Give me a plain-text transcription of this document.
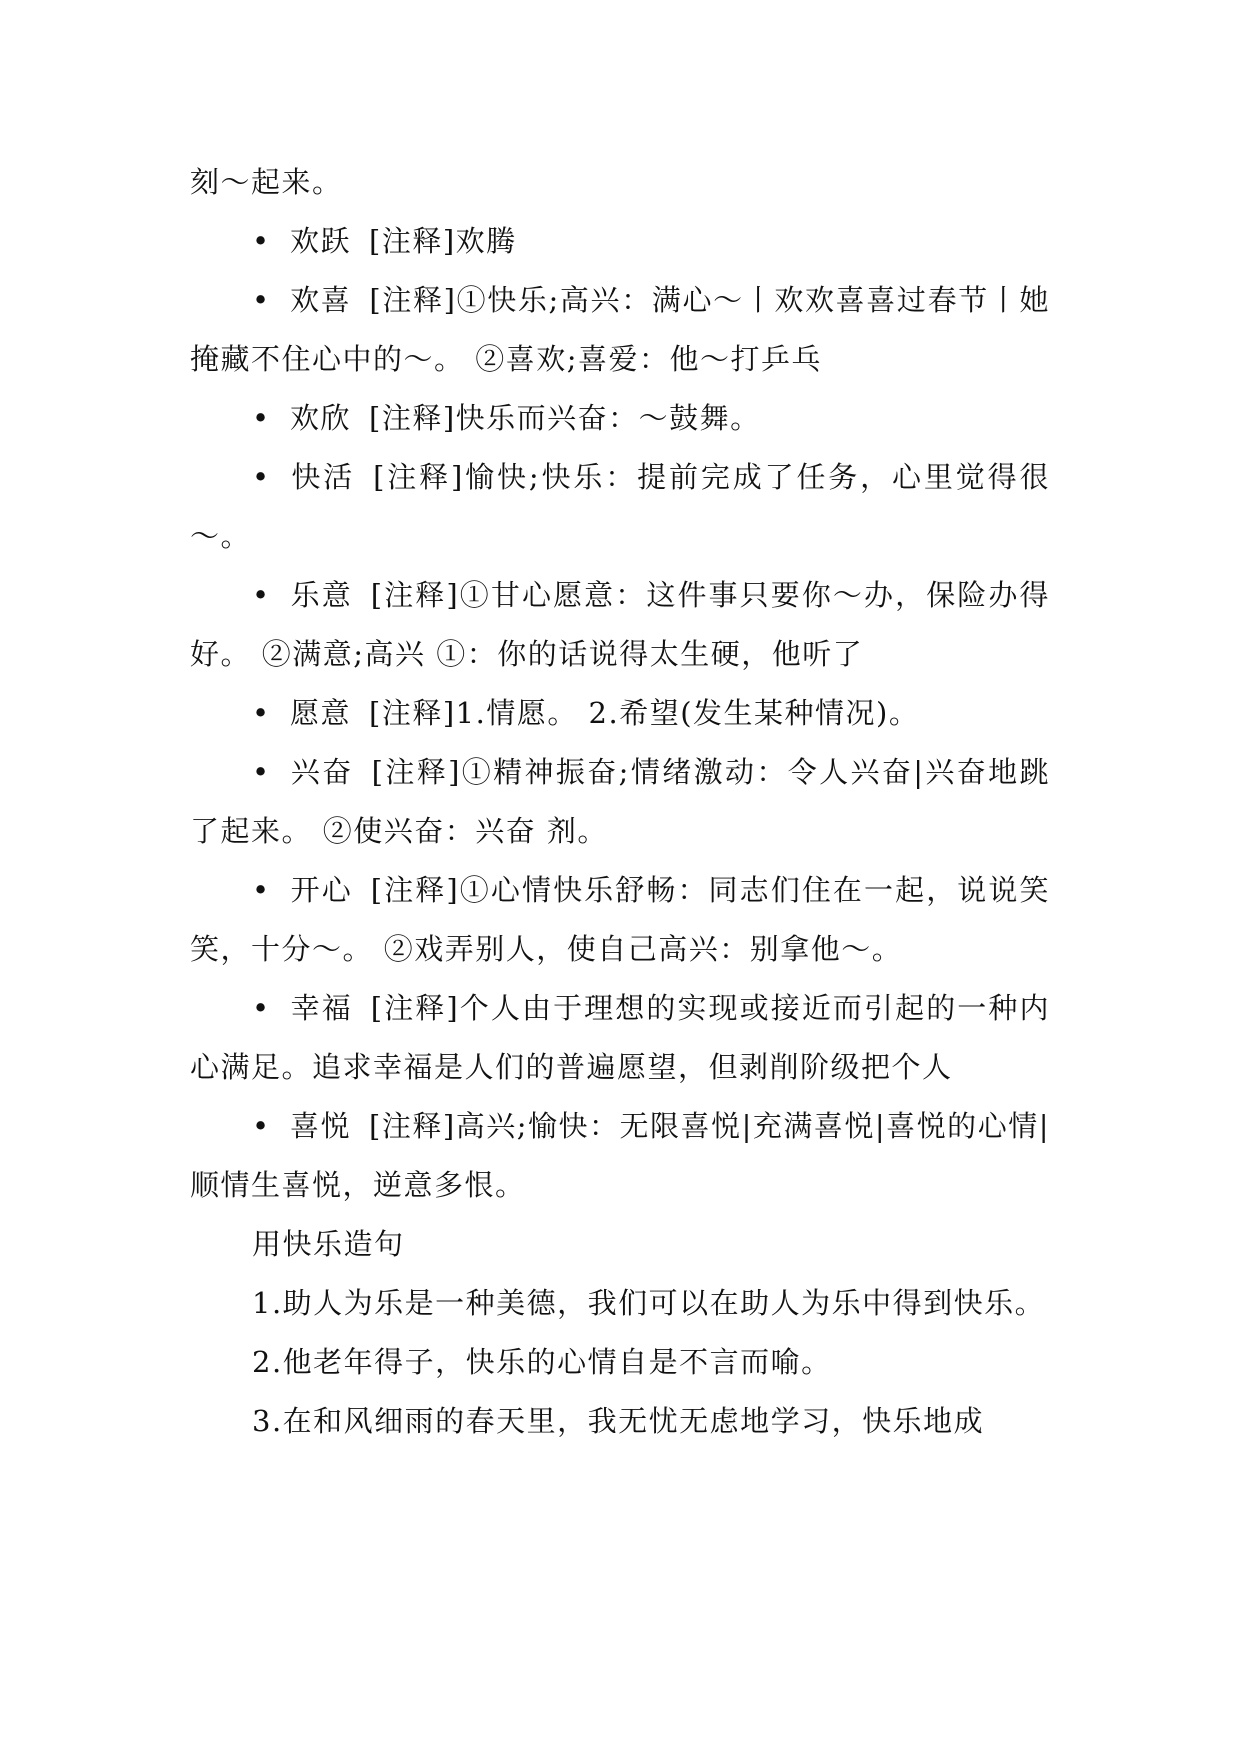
刻～起来。

• 欢跃 [注释]欢腾

• 欢喜 [注释]①快乐;高兴：满心～丨欢欢喜喜过春节丨她掩藏不住心中的～。 ②喜欢;喜爱：他～打乒乓

• 欢欣 [注释]快乐而兴奋：～鼓舞。

• 快活 [注释]愉快;快乐：提前完成了任务，心里觉得很～。

• 乐意 [注释]①甘心愿意：这件事只要你～办，保险办得好。 ②满意;高兴 ①：你的话说得太生硬，他听了

• 愿意 [注释]1.情愿。 2.希望(发生某种情况)。

• 兴奋 [注释]①精神振奋;情绪激动：令人兴奋|兴奋地跳了起来。 ②使兴奋：兴奋 剂。

• 开心 [注释]①心情快乐舒畅：同志们住在一起，说说笑笑，十分～。 ②戏弄别人，使自己高兴：别拿他～。

• 幸福 [注释]个人由于理想的实现或接近而引起的一种内心满足。追求幸福是人们的普遍愿望，但剥削阶级把个人

• 喜悦 [注释]高兴;愉快：无限喜悦|充满喜悦|喜悦的心情|顺情生喜悦，逆意多恨。

用快乐造句

1.助人为乐是一种美德，我们可以在助人为乐中得到快乐。

2.他老年得子，快乐的心情自是不言而喻。

3.在和风细雨的春天里，我无忧无虑地学习，快乐地成
